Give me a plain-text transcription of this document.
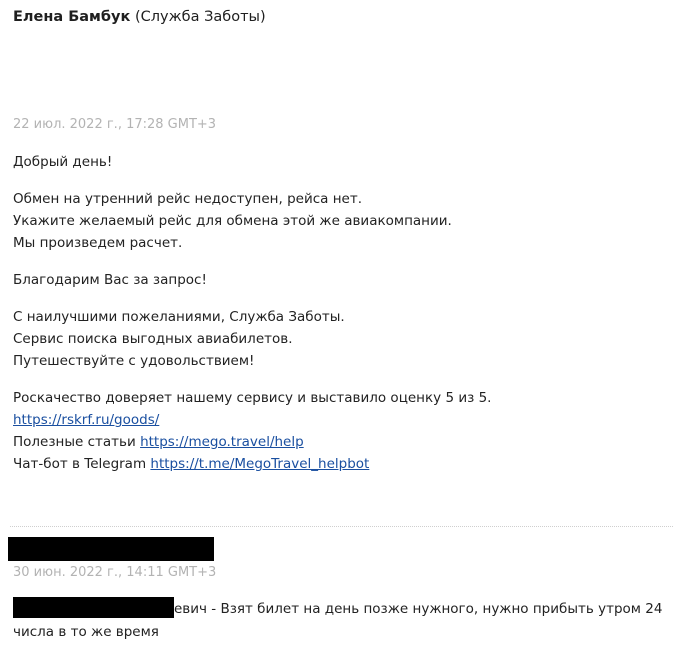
Елена Бамбук (Служба Заботы)
22 июл. 2022 г., 17:28 GMT+3
Добрый день!
Обмен на утренний рейс недоступен, рейса нет.
Укажите желаемый рейс для обмена этой же авиакомпании.
Мы произведем расчет.
Благодарим Вас за запрос!
С наилучшими пожеланиями, Служба Заботы.
Сервис поиска выгодных авиабилетов.
Путешествуйте с удовольствием!
Роскачество доверяет нашему сервису и выставило оценку 5 из 5.
https://rskrf.ru/goods/
Полезные статьи https://mego.travel/help
Чат-бот в Telegram https://t.me/MegoTravel_helpbot
30 июн. 2022 г., 14:11 GMT+3
евич - Взят билет на день позже нужного, нужно прибыть утром 24 числа в то же время
